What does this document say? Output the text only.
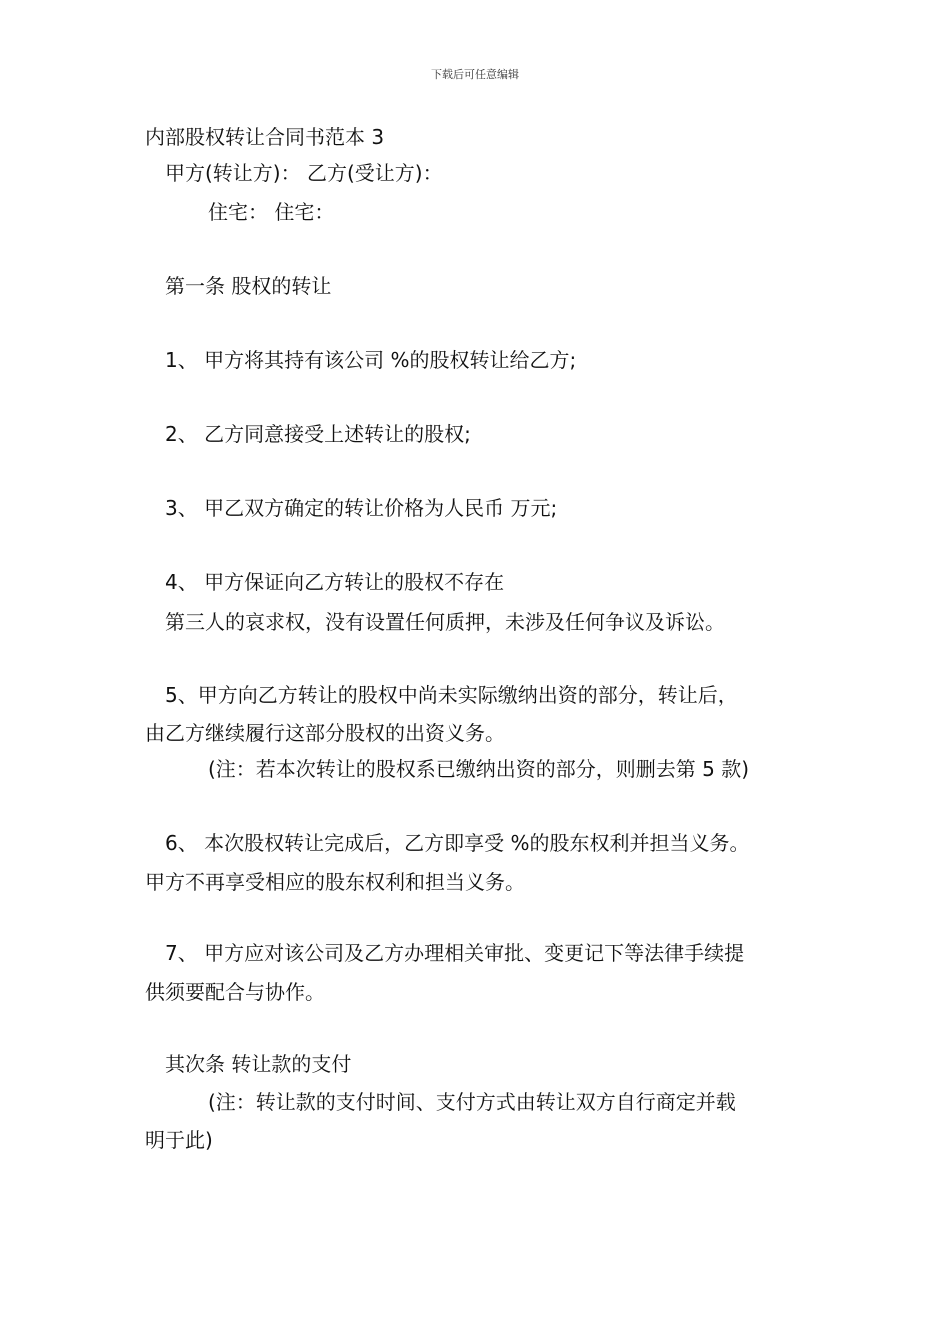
下载后可任意编辑
内部股权转让合同书范本 3
甲方(转让方)： 乙方(受让方)：
住宅： 住宅：
第一条 股权的转让
1、 甲方将其持有该公司 %的股权转让给乙方;
2、 乙方同意接受上述转让的股权;
3、 甲乙双方确定的转让价格为人民币 万元;
4、 甲方保证向乙方转让的股权不存在
第三人的哀求权，没有设置任何质押，未涉及任何争议及诉讼。
5、甲方向乙方转让的股权中尚未实际缴纳出资的部分，转让后，
由乙方继续履行这部分股权的出资义务。
(注：若本次转让的股权系已缴纳出资的部分，则删去第 5 款)
6、 本次股权转让完成后，乙方即享受 %的股东权利并担当义务。
甲方不再享受相应的股东权利和担当义务。
7、 甲方应对该公司及乙方办理相关审批、变更记下等法律手续提
供须要配合与协作。
其次条 转让款的支付
(注：转让款的支付时间、支付方式由转让双方自行商定并载
明于此)
